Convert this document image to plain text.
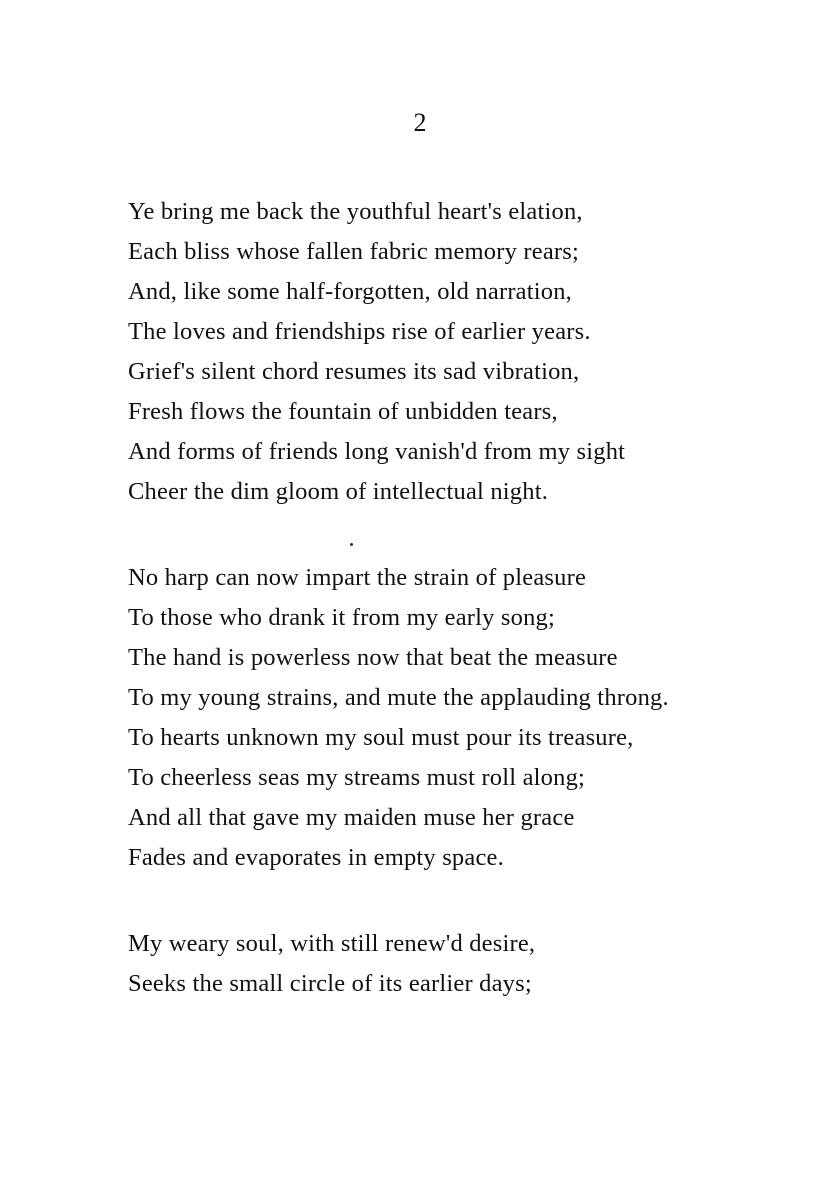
2
Ye bring me back the youthful heart's elation,
Each bliss whose fallen fabric memory rears;
And, like some half-forgotten, old narration,
The loves and friendships rise of earlier years.
Grief's silent chord resumes its sad vibration,
Fresh flows the fountain of unbidden tears,
And forms of friends long vanish'd from my sight
Cheer the dim gloom of intellectual night.
No harp can now impart the strain of pleasure
To those who drank it from my early song;
The hand is powerless now that beat the measure
To my young strains, and mute the applauding throng.
To hearts unknown my soul must pour its treasure,
To cheerless seas my streams must roll along;
And all that gave my maiden muse her grace
Fades and evaporates in empty space.
My weary soul, with still renew'd desire,
Seeks the small circle of its earlier days;
